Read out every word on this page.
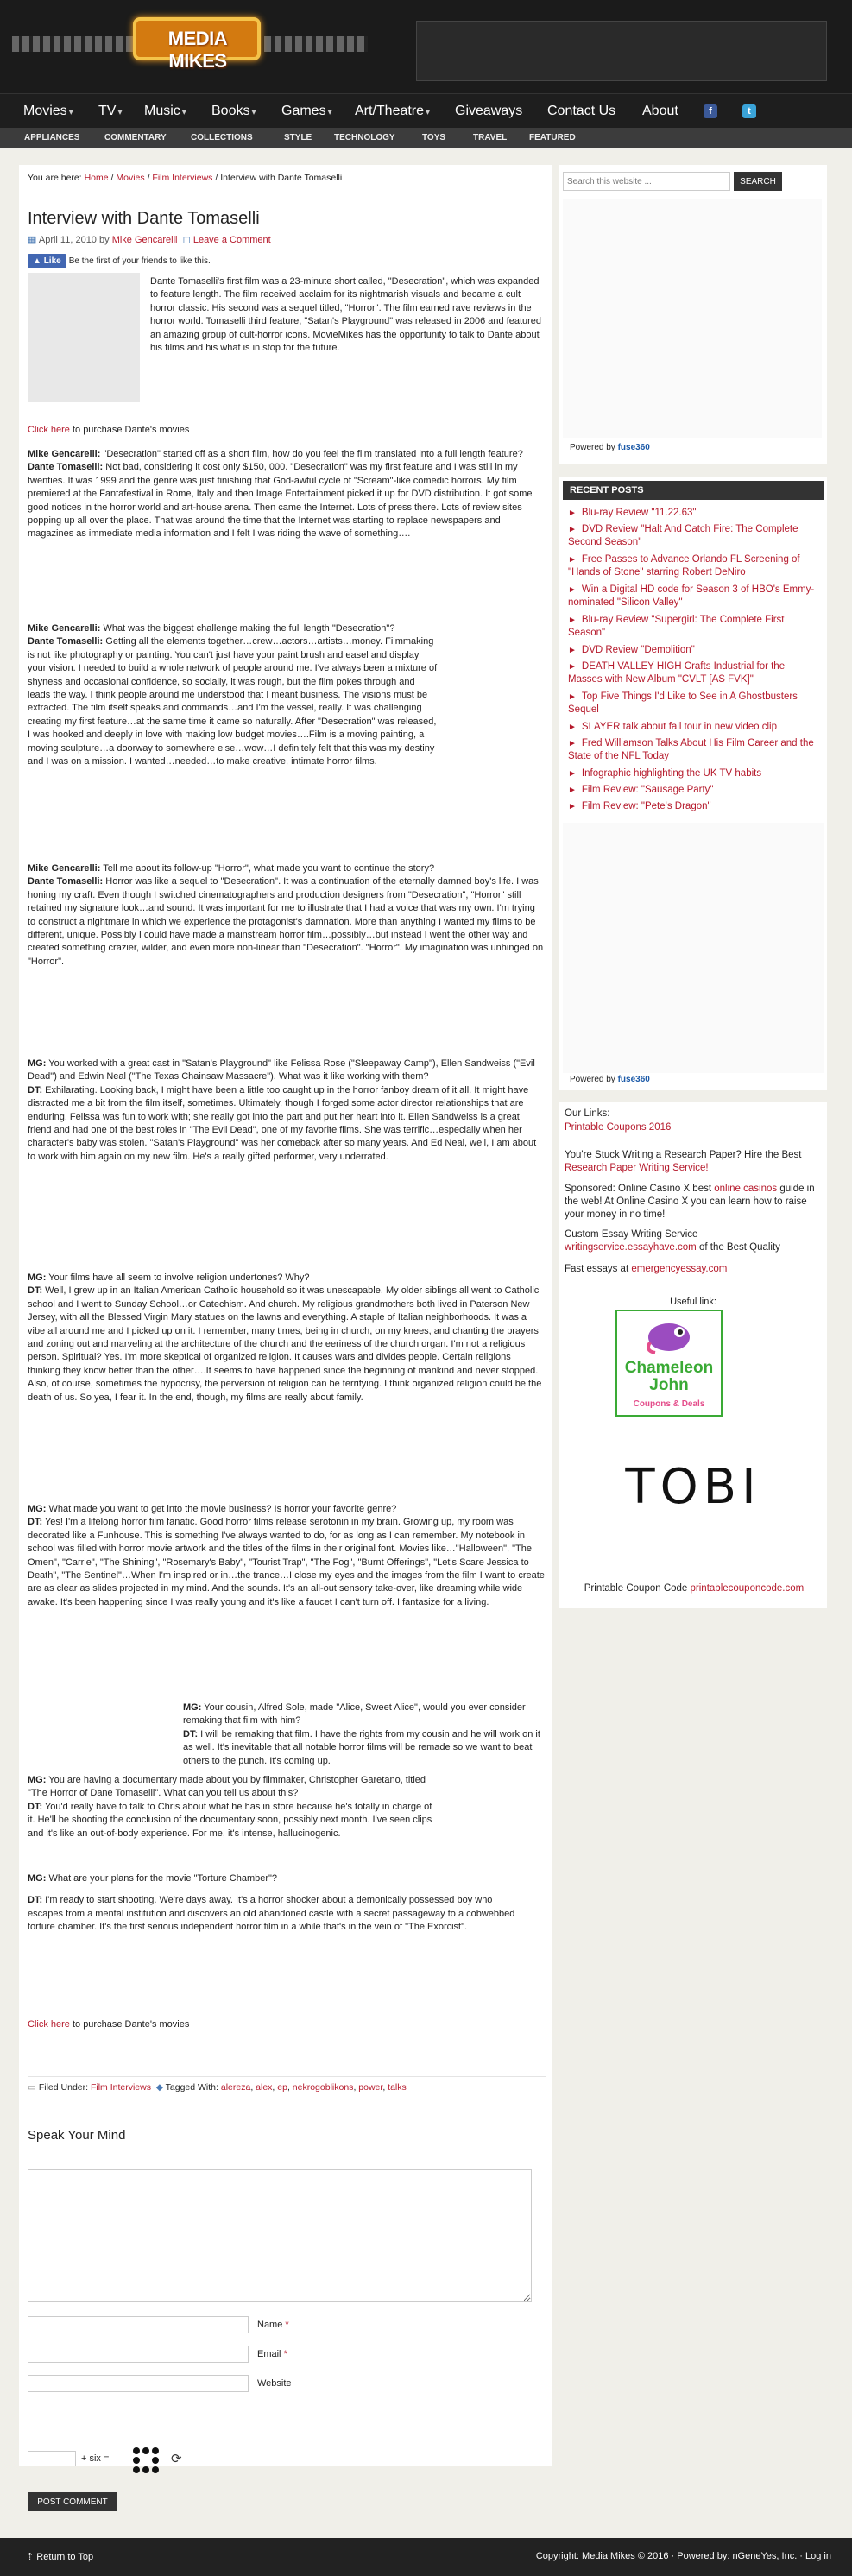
MEDIA MIKES
Movies ▾ TV ▾ Music ▾ Books ▾ Games ▾ Art/Theatre ▾ Giveaways Contact Us About	f	t
APPLIANCES	COMMENTARY	COLLECTIONS	STYLE	TECHNOLOGY	TOYS	TRAVEL	FEATURED
You are here: Home / Movies / Film Interviews / Interview with Dante Tomaselli
Interview with Dante Tomaselli
▦ April 11, 2010 by Mike Gencarelli ◻ Leave a Comment
▲ Like Be the first of your friends to like this.
Dante Tomaselli's first film was a 23-minute short called, "Desecration", which was expanded to feature length. The film received acclaim for its nightmarish visuals and became a cult horror classic. His second was a sequel titled, "Horror". The film earned rave reviews in the horror world. Tomaselli third feature, "Satan's Playground" was released in 2006 and featured an amazing group of cult-horror icons. MovieMikes has the opportunity to talk to Dante about his films and his what is in stop for the future.
Click here to purchase Dante's movies

Mike Gencarelli: "Desecration" started off as a short film, how do you feel the film translated into a full length feature?

Dante Tomaselli: Not bad, considering it cost only $150, 000. "Desecration" was my first feature and I was still in my twenties. It was 1999 and the genre was just finishing that God-awful cycle of "Scream"-like comedic horrors. My film premiered at the Fantafestival in Rome, Italy and then Image Entertainment picked it up for DVD distribution. It got some good notices in the horror world and art-house arena. Then came the Internet. Lots of press there. Lots of review sites popping up all over the place. That was around the time that the Internet was starting to replace newspapers and magazines as immediate media information and I felt I was riding the wave of something….

Mike Gencarelli: What was the biggest challenge making the full length "Desecration"?

Dante Tomaselli: Getting all the elements together…crew…actors…artists…money. Filmmaking is not like photography or painting. You can't just have your paint brush and easel and display your vision. I needed to build a whole network of people around me. I've always been a mixture of shyness and occasional confidence, so socially, it was rough, but the film pokes through and leads the way. I think people around me understood that I meant business. The visions must be extracted. The film itself speaks and commands…and I'm the vessel, really. It was challenging creating my first feature…at the same time it came so naturally. After "Desecration" was released, I was hooked and deeply in love with making low budget movies….Film is a moving painting, a moving sculpture…a doorway to somewhere else…wow…I definitely felt that this was my destiny and I was on a mission. I wanted…needed…to make creative, intimate horror films.

Mike Gencarelli: Tell me about its follow-up "Horror", what made you want to continue the story?

Dante Tomaselli: Horror was like a sequel to "Desecration". It was a continuation of the eternally damned boy's life. I was honing my craft. Even though I switched cinematographers and production designers from "Desecration", "Horror" still retained my signature look…and sound. It was important for me to illustrate that I had a voice that was my own. I'm trying to construct a nightmare in which we experience the protagonist's damnation. More than anything I wanted my films to be different, unique. Possibly I could have made a mainstream horror film…possibly…but instead I went the other way and created something crazier, wilder, and even more non-linear than "Desecration". "Horror". My imagination was unhinged on "Horror".

MG: You worked with a great cast in "Satan's Playground" like Felissa Rose ("Sleepaway Camp"), Ellen Sandweiss ("Evil Dead") and Edwin Neal ("The Texas Chainsaw Massacre"). What was it like working with them?

DT: Exhilarating. Looking back, I might have been a little too caught up in the horror fanboy dream of it all. It might have distracted me a bit from the film itself, sometimes. Ultimately, though I forged some actor director relationships that are enduring. Felissa was fun to work with; she really got into the part and put her heart into it. Ellen Sandweiss is a great friend and had one of the best roles in "The Evil Dead", one of my favorite films. She was terrific…especially when her character's baby was stolen. "Satan's Playground" was her comeback after so many years. And Ed Neal, well, I am about to work with him again on my new film. He's a really gifted performer, very underrated.

MG: Your films have all seem to involve religion undertones? Why?

DT: Well, I grew up in an Italian American Catholic household so it was unescapable. My older siblings all went to Catholic school and I went to Sunday School…or Catechism. And church. My religious grandmothers both lived in Paterson New Jersey, with all the Blessed Virgin Mary statues on the lawns and everything. A staple of Italian neighborhoods. It was a vibe all around me and I picked up on it. I remember, many times, being in church, on my knees, and chanting the prayers and zoning out and marveling at the architecture of the church and the eeriness of the church organ. I'm not a religious person. Spiritual? Yes. I'm more skeptical of organized religion. It causes wars and divides people. Certain religions thinking they know better than the other….It seems to have happened since the beginning of mankind and never stopped. Also, of course, sometimes the hypocrisy, the perversion of religion can be terrifying. I think organized religion could be the death of us. So yea, I fear it. In the end, though, my films are really about family.

MG: What made you want to get into the movie business? Is horror your favorite genre?

DT: Yes! I'm a lifelong horror film fanatic. Good horror films release serotonin in my brain. Growing up, my room was decorated like a Funhouse. This is something I've always wanted to do, for as long as I can remember. My notebook in school was filled with horror movie artwork and the titles of the films in their original font. Movies like…"Halloween", "The Omen", "Carrie", "The Shining", "Rosemary's Baby", "Tourist Trap", "The Fog", "Burnt Offerings", "Let's Scare Jessica to Death", "The Sentinel"…When I'm inspired or in…the trance…I close my eyes and the images from the film I want to create are as clear as slides projected in my mind. And the sounds. It's an all-out sensory take-over, like dreaming while wide awake. It's been happening since I was really young and it's like a faucet I can't turn off. I fantasize for a living.

MG: Your cousin, Alfred Sole, made "Alice, Sweet Alice", would you ever consider remaking that film with him?

DT: I will be remaking that film. I have the rights from my cousin and he will work on it as well. It's inevitable that all notable horror films will be remade so we want to beat others to the punch. It's coming up.

MG: You are having a documentary made about you by filmmaker, Christopher Garetano, titled "The Horror of Dane Tomaselli". What can you tell us about this?

DT: You'd really have to talk to Chris about what he has in store because he's totally in charge of it. He'll be shooting the conclusion of the documentary soon, possibly next month. I've seen clips and it's like an out-of-body experience. For me, it's intense, hallucinogenic.

MG: What are your plans for the movie "Torture Chamber"?

DT: I'm ready to start shooting. We're days away. It's a horror shocker about a demonically possessed boy who escapes from a mental institution and discovers an old abandoned castle with a secret passageway to a cobwebbed torture chamber. It's the first serious independent horror film in a while that's in the vein of "The Exorcist".

Click here to purchase Dante's movies
▭ Filed Under: Film Interviews ◆ Tagged With: alereza, alex, ep, nekrogoblikons, power, talks
Speak Your Mind
Name *
Email *
Website
+ six =	⟳
POST COMMENT
Search this website ...
SEARCH
Powered by fuse360
RECENT POSTS
► Blu-ray Review "11.22.63"
► DVD Review "Halt And Catch Fire: The Complete Second Season"
► Free Passes to Advance Orlando FL Screening of "Hands of Stone" starring Robert DeNiro
► Win a Digital HD code for Season 3 of HBO's Emmy-nominated "Silicon Valley"
► Blu-ray Review "Supergirl: The Complete First Season"
► DVD Review "Demolition"
► DEATH VALLEY HIGH Crafts Industrial for the Masses with New Album "CVLT [AS FVK]"
► Top Five Things I'd Like to See in A Ghostbusters Sequel
► SLAYER talk about fall tour in new video clip
► Fred Williamson Talks About His Film Career and the State of the NFL Today
► Infographic highlighting the UK TV habits
► Film Review: "Sausage Party"
► Film Review: "Pete's Dragon"
Powered by fuse360
Our Links:
Printable Coupons 2016
You're Stuck Writing a Research Paper? Hire the Best Research Paper Writing Service!
Sponsored: Online Casino X best online casinos guide in the web! At Online Casino X you can learn how to raise your money in no time!
Custom Essay Writing Service
writingservice.essayhave.com of the Best Quality
Fast essays at emergencyessay.com
Useful link:
Chameleon
John
Coupons & Deals
TOBI
Printable Coupon Code printablecouponcode.com
⇡ Return to Top	Copyright: Media Mikes © 2016 · Powered by: nGeneYes, Inc. · Log in
